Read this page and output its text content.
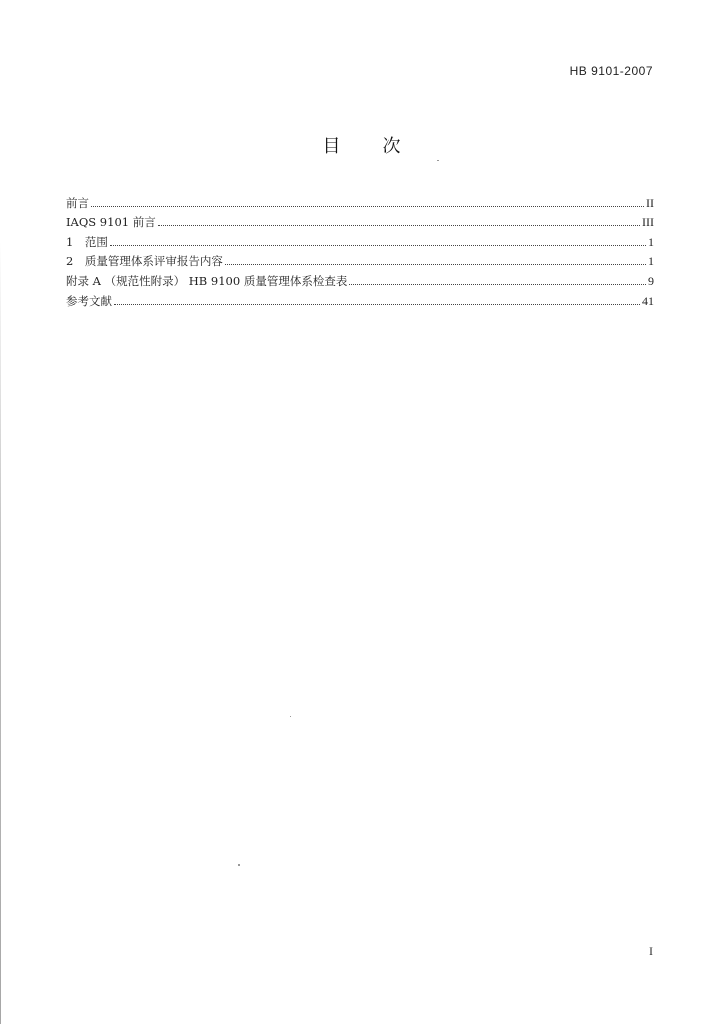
HB 9101-2007
目次
前言	II
IAQS 9101 前言	III
1　范围	1
2　质量管理体系评审报告内容	1
附录 A （规范性附录） HB 9100 质量管理体系检查表	9
参考文献	41
I
